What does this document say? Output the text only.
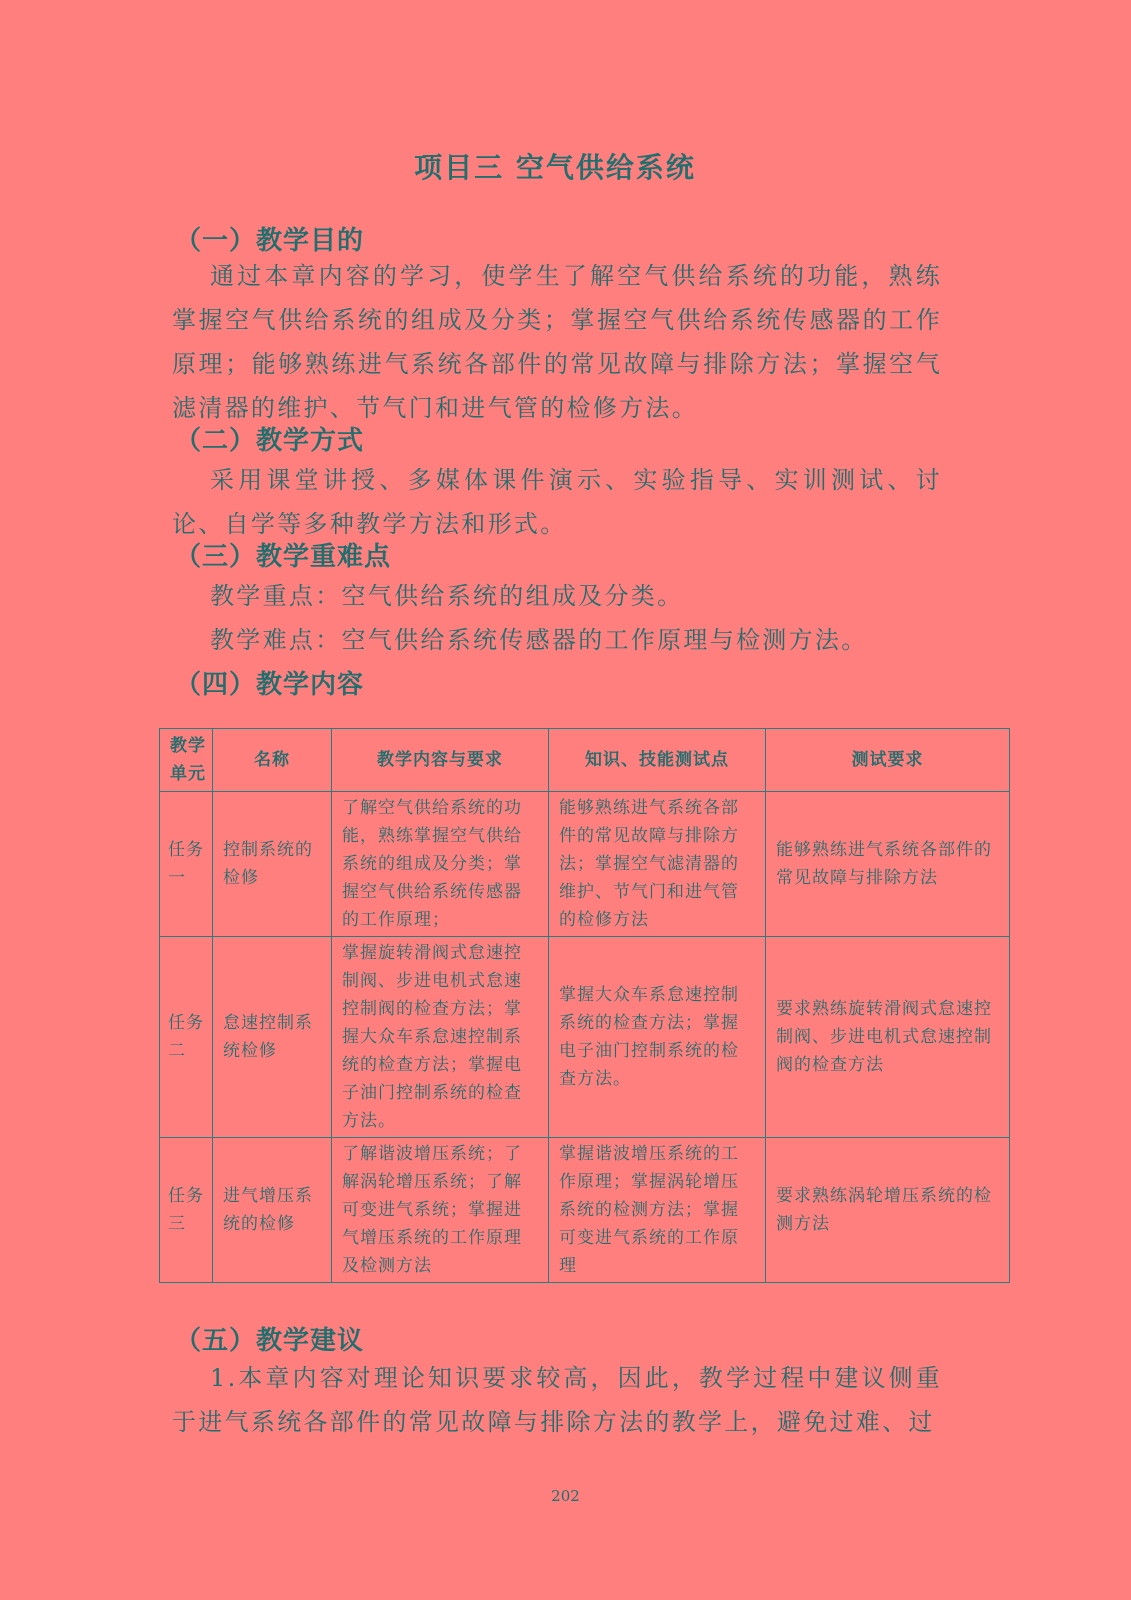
项目三 空气供给系统
（一）教学目的
通过本章内容的学习，使学生了解空气供给系统的功能，熟练掌握空气供给系统的组成及分类；掌握空气供给系统传感器的工作原理；能够熟练进气系统各部件的常见故障与排除方法；掌握空气滤清器的维护、节气门和进气管的检修方法。
（二）教学方式
采用课堂讲授、多媒体课件演示、实验指导、实训测试、讨论、自学等多种教学方法和形式。
（三）教学重难点
教学重点：空气供给系统的组成及分类。
教学难点：空气供给系统传感器的工作原理与检测方法。
（四）教学内容
教学单元	名称	教学内容与要求	知识、技能测试点	测试要求
任务一	控制系统的检修	了解空气供给系统的功能，熟练掌握空气供给系统的组成及分类；掌握空气供给系统传感器的工作原理；	能够熟练进气系统各部件的常见故障与排除方法；掌握空气滤清器的维护、节气门和进气管的检修方法	能够熟练进气系统各部件的常见故障与排除方法
任务二	怠速控制系统检修	掌握旋转滑阀式怠速控制阀、步进电机式怠速控制阀的检查方法；掌握大众车系怠速控制系统的检查方法；掌握电子油门控制系统的检查方法。	掌握大众车系怠速控制系统的检查方法；掌握电子油门控制系统的检查方法。	要求熟练旋转滑阀式怠速控制阀、步进电机式怠速控制阀的检查方法
任务三	进气增压系统的检修	了解谐波增压系统；了解涡轮增压系统；了解可变进气系统；掌握进气增压系统的工作原理及检测方法	掌握谐波增压系统的工作原理；掌握涡轮增压系统的检测方法；掌握可变进气系统的工作原理	要求熟练涡轮增压系统的检测方法
（五）教学建议
1.本章内容对理论知识要求较高，因此，教学过程中建议侧重于进气系统各部件的常见故障与排除方法的教学上，避免过难、过
202
